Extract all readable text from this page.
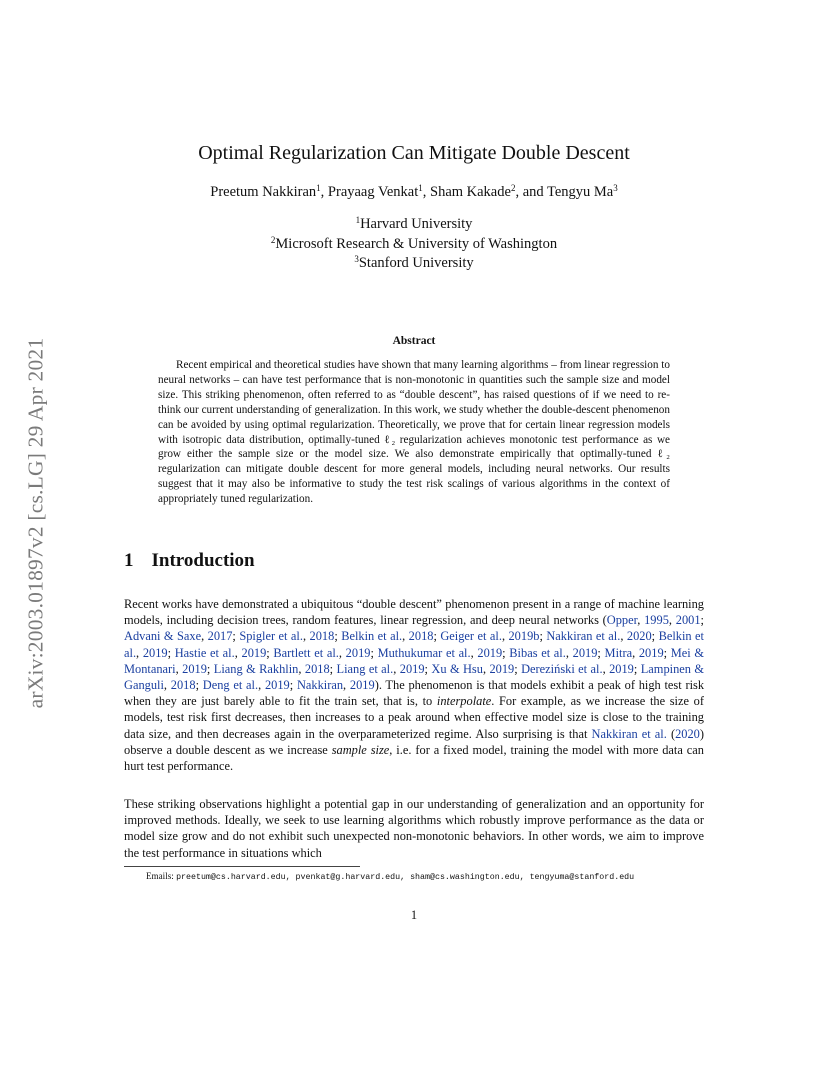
arXiv:2003.01897v2 [cs.LG] 29 Apr 2021
Optimal Regularization Can Mitigate Double Descent
Preetum Nakkiran$^1$, Prayaag Venkat$^1$, Sham Kakade$^2$, and Tengyu Ma$^3$
$^1$Harvard University
$^2$Microsoft Research & University of Washington
$^3$Stanford University
Abstract
Recent empirical and theoretical studies have shown that many learning algorithms – from linear regression to neural networks – can have test performance that is non-monotonic in quantities such the sample size and model size. This striking phenomenon, often referred to as “double descent”, has raised questions of if we need to re-think our current understanding of generalization. In this work, we study whether the double-descent phenomenon can be avoided by using optimal regularization. Theoretically, we prove that for certain linear regression models with isotropic data distribution, optimally-tuned ℓ₂ regularization achieves monotonic test performance as we grow either the sample size or the model size. We also demonstrate empirically that optimally-tuned ℓ₂ regularization can mitigate double descent for more general models, including neural networks. Our results suggest that it may also be informative to study the test risk scalings of various algorithms in the context of appropriately tuned regularization.
1 Introduction
Recent works have demonstrated a ubiquitous “double descent” phenomenon present in a range of machine learning models, including decision trees, random features, linear regression, and deep neural networks (Opper, 1995, 2001; Advani & Saxe, 2017; Spigler et al., 2018; Belkin et al., 2018; Geiger et al., 2019b; Nakkiran et al., 2020; Belkin et al., 2019; Hastie et al., 2019; Bartlett et al., 2019; Muthukumar et al., 2019; Bibas et al., 2019; Mitra, 2019; Mei & Montanari, 2019; Liang & Rakhlin, 2018; Liang et al., 2019; Xu & Hsu, 2019; Dereziński et al., 2019; Lampinen & Ganguli, 2018; Deng et al., 2019; Nakkiran, 2019). The phenomenon is that models exhibit a peak of high test risk when they are just barely able to fit the train set, that is, to interpolate. For example, as we increase the size of models, test risk first decreases, then increases to a peak around when effective model size is close to the training data size, and then decreases again in the overparameterized regime. Also surprising is that Nakkiran et al. (2020) observe a double descent as we increase sample size, i.e. for a fixed model, training the model with more data can hurt test performance.
These striking observations highlight a potential gap in our understanding of generalization and an opportunity for improved methods. Ideally, we seek to use learning algorithms which robustly improve performance as the data or model size grow and do not exhibit such unexpected non-monotonic behaviors. In other words, we aim to improve the test performance in situations which
Emails: preetum@cs.harvard.edu, pvenkat@g.harvard.edu, sham@cs.washington.edu, tengyuma@stanford.edu
1
